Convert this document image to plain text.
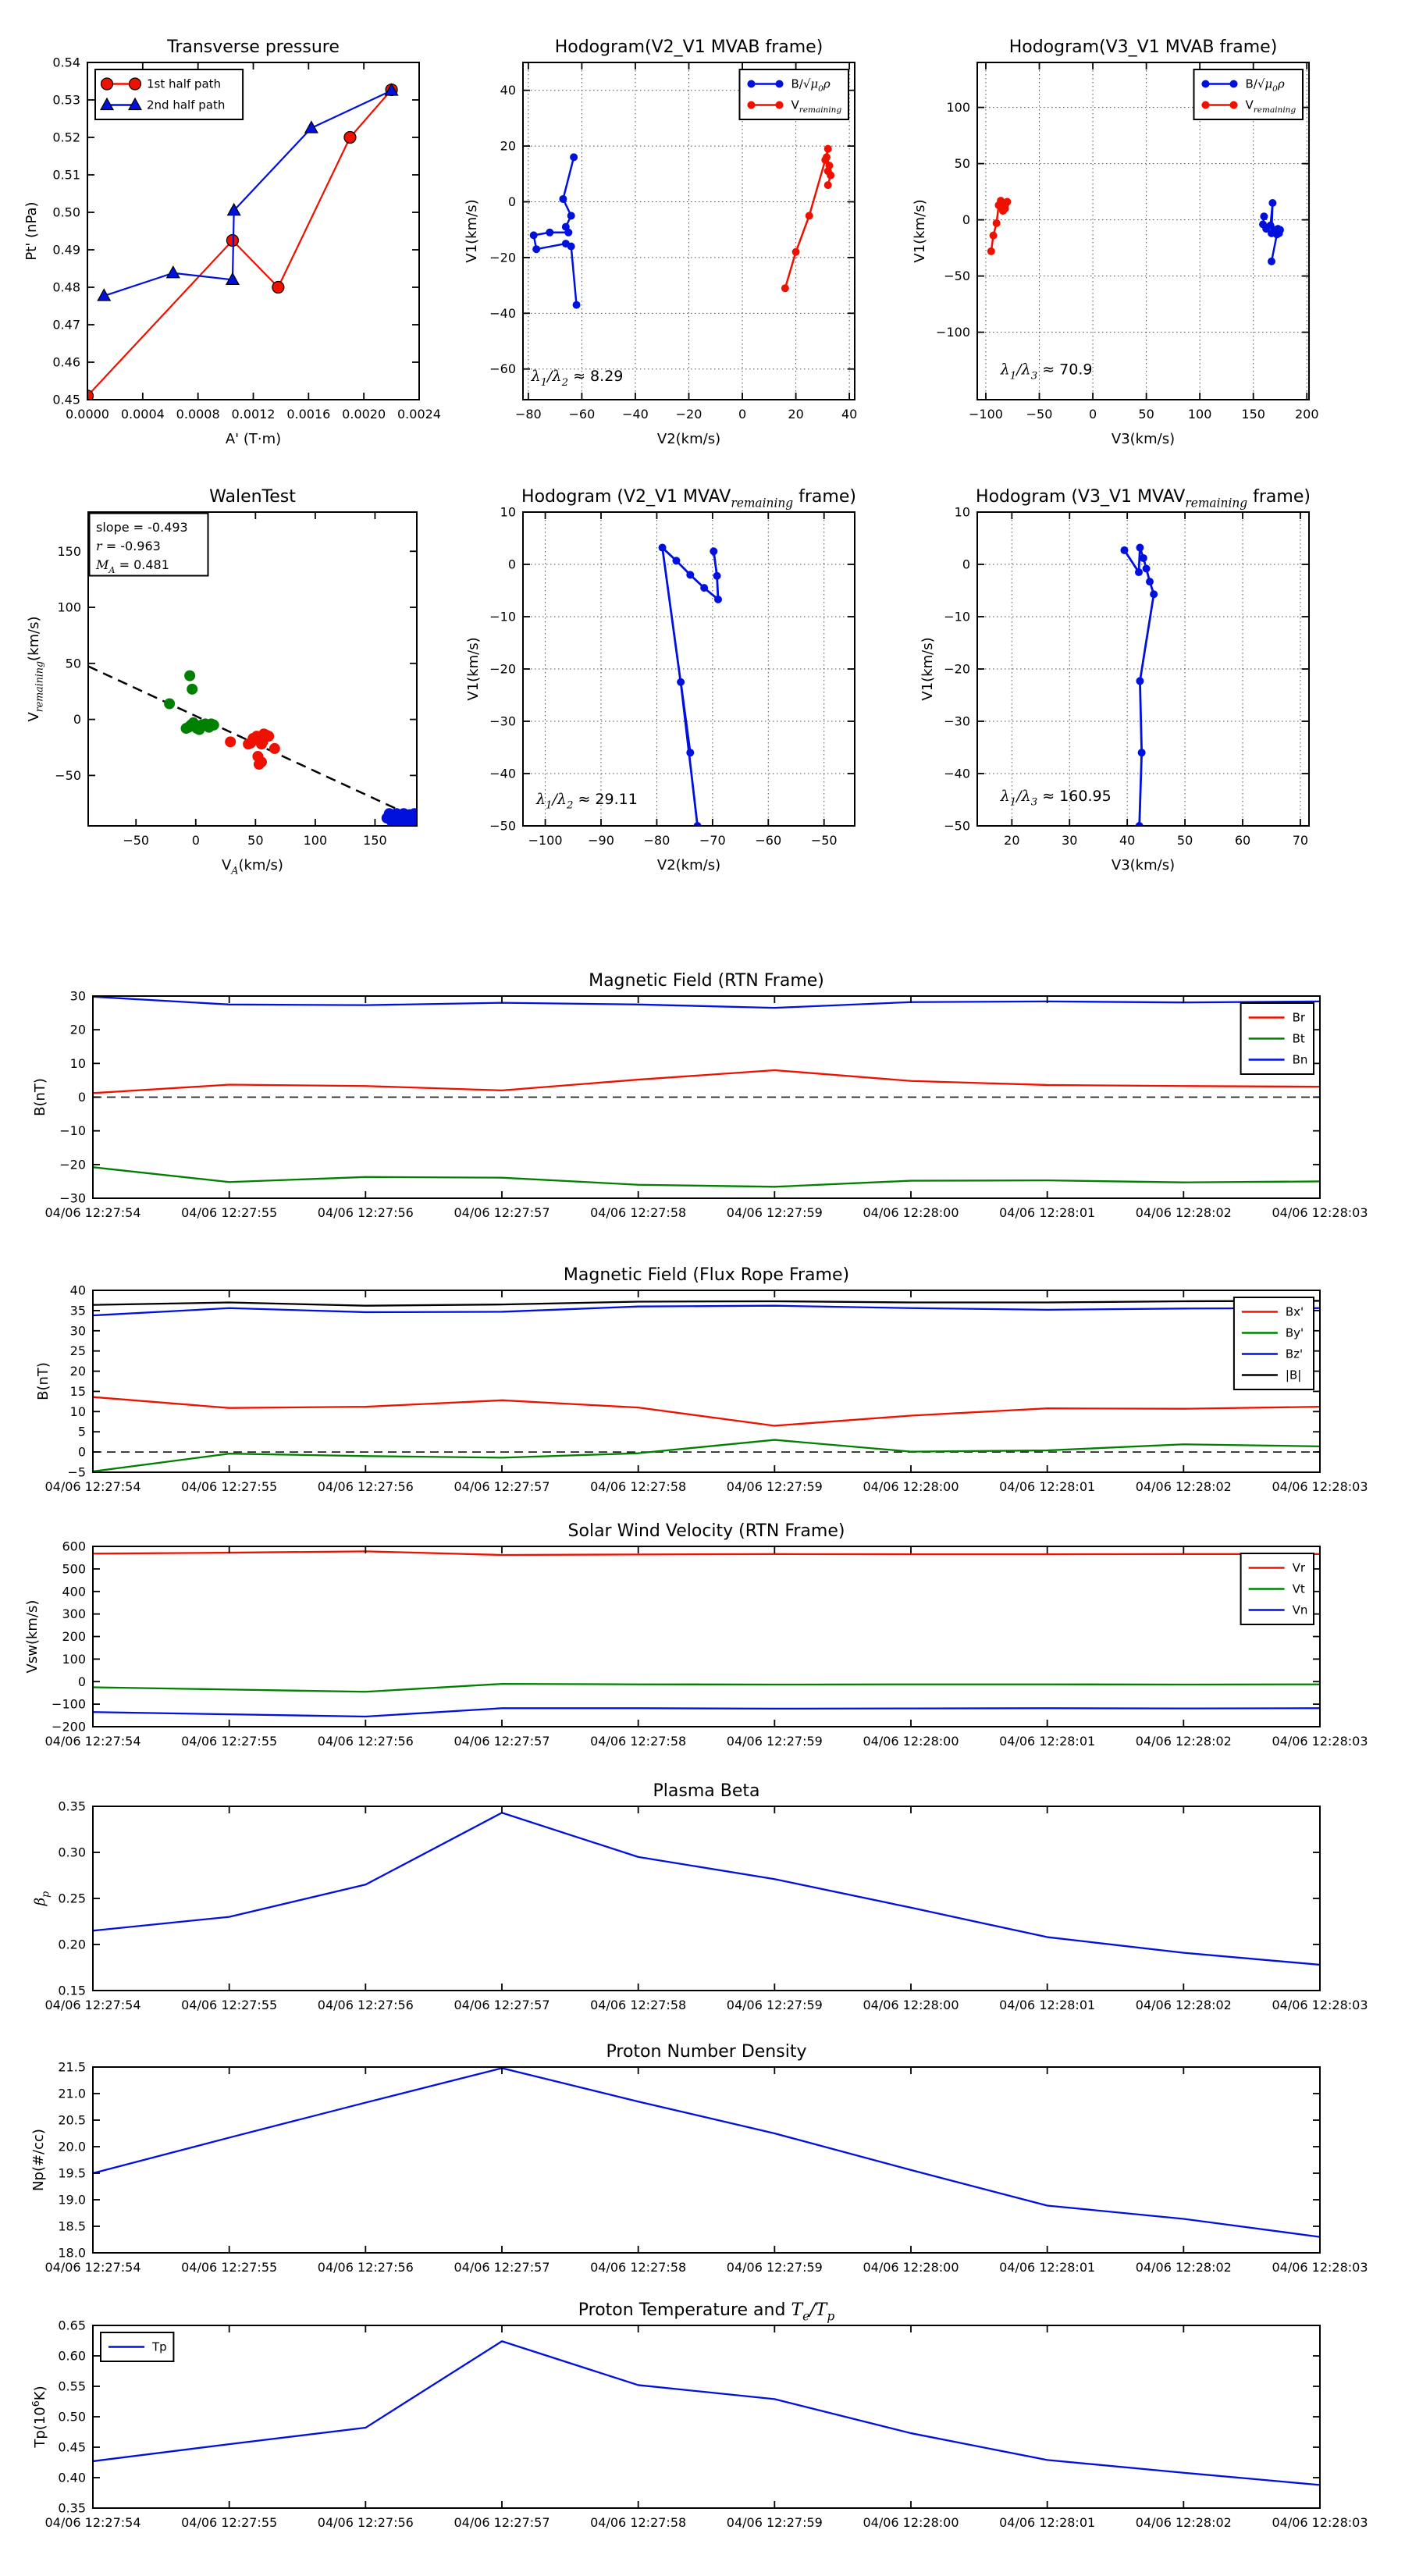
0.0000 0.0004 0.0008 0.0012 0.0016 0.0020 0.0024
0.45
0.46
0.47
0.48
0.49
0.50
0.51
0.52
0.53
0.54
Transverse pressure
A' (T·m)
Pt' (nPa)
1st half path
2nd half path
−80 −60 −40 −20	0	20	40
−60
−40
−20
0
20
40
Hodogram(V2_V1 MVAB frame)
V2(km/s)
V1(km/s)
$\lambda_1/\lambda_2 \approx 8.29$
$B/√\mu_0\rho$
$V_{remaining}$
−100 −50	0	50	100 150 200
−100
−50
0
50
100
Hodogram(V3_V1 MVAB frame)
V3(km/s)
V1(km/s)
$\lambda_1/\lambda_3 \approx 70.9$
$B/√\mu_0\rho$
$V_{remaining}$
−50	0	50	100	150
−50
0
50
100
150
WalenTest
$V_A(km/s)$
$V_{remaining}(km/s)$
slope = -0.493
r = -0.963
$M_A = 0.481$
−100 −90 −80 −70 −60 −50
−50
−40
−30
−20
−10
0
10
Hodogram (V2_V1 $MVAV_{remaining}$ frame)
V2(km/s)
V1(km/s)
$\lambda_1/\lambda_2 \approx 29.11$
20	30	40	50	60	70
−50
−40
−30
−20
−10
0
10
Hodogram (V3_V1 $MVAV_{remaining}$ frame)
V3(km/s)
V1(km/s)
$\lambda_1/\lambda_3 \approx 160.95$
04/06 12:27:54	04/06 12:27:55	04/06 12:27:56	04/06 12:27:57	04/06 12:27:58	04/06 12:27:59	04/06 12:28:00	04/06 12:28:01	04/06 12:28:02	04/06 12:28:03
−30
−20
−10
0
10
20
30
Magnetic Field (RTN Frame)
B(nT)
Br
Bt
Bn
04/06 12:27:54	04/06 12:27:55	04/06 12:27:56	04/06 12:27:57	04/06 12:27:58	04/06 12:27:59	04/06 12:28:00	04/06 12:28:01	04/06 12:28:02	04/06 12:28:03
−5
0
5
10
15
20
25
30
35
40
Magnetic Field (Flux Rope Frame)
B(nT)
Bx'
By'
Bz'
|B|
04/06 12:27:54	04/06 12:27:55	04/06 12:27:56	04/06 12:27:57	04/06 12:27:58	04/06 12:27:59	04/06 12:28:00	04/06 12:28:01	04/06 12:28:02	04/06 12:28:03
−200
−100
0
100
200
300
400
500
600
Solar Wind Velocity (RTN Frame)
Vsw(km/s)
Vr
Vt
Vn
04/06 12:27:54	04/06 12:27:55	04/06 12:27:56	04/06 12:27:57	04/06 12:27:58	04/06 12:27:59	04/06 12:28:00	04/06 12:28:01	04/06 12:28:02	04/06 12:28:03
0.15
0.20
0.25
0.30
0.35
Plasma Beta
$\beta_p$
04/06 12:27:54	04/06 12:27:55	04/06 12:27:56	04/06 12:27:57	04/06 12:27:58	04/06 12:27:59	04/06 12:28:00	04/06 12:28:01	04/06 12:28:02	04/06 12:28:03
18.0
18.5
19.0
19.5
20.0
20.5
21.0
21.5
Proton Number Density
Np(#/cc)
04/06 12:27:54	04/06 12:27:55	04/06 12:27:56	04/06 12:27:57	04/06 12:27:58	04/06 12:27:59	04/06 12:28:00	04/06 12:28:01	04/06 12:28:02	04/06 12:28:03
0.35
0.40
0.45
0.50
0.55
0.60
0.65
Proton Temperature and $T_e/T_p$
$Tp(10^6K)$
Tp
